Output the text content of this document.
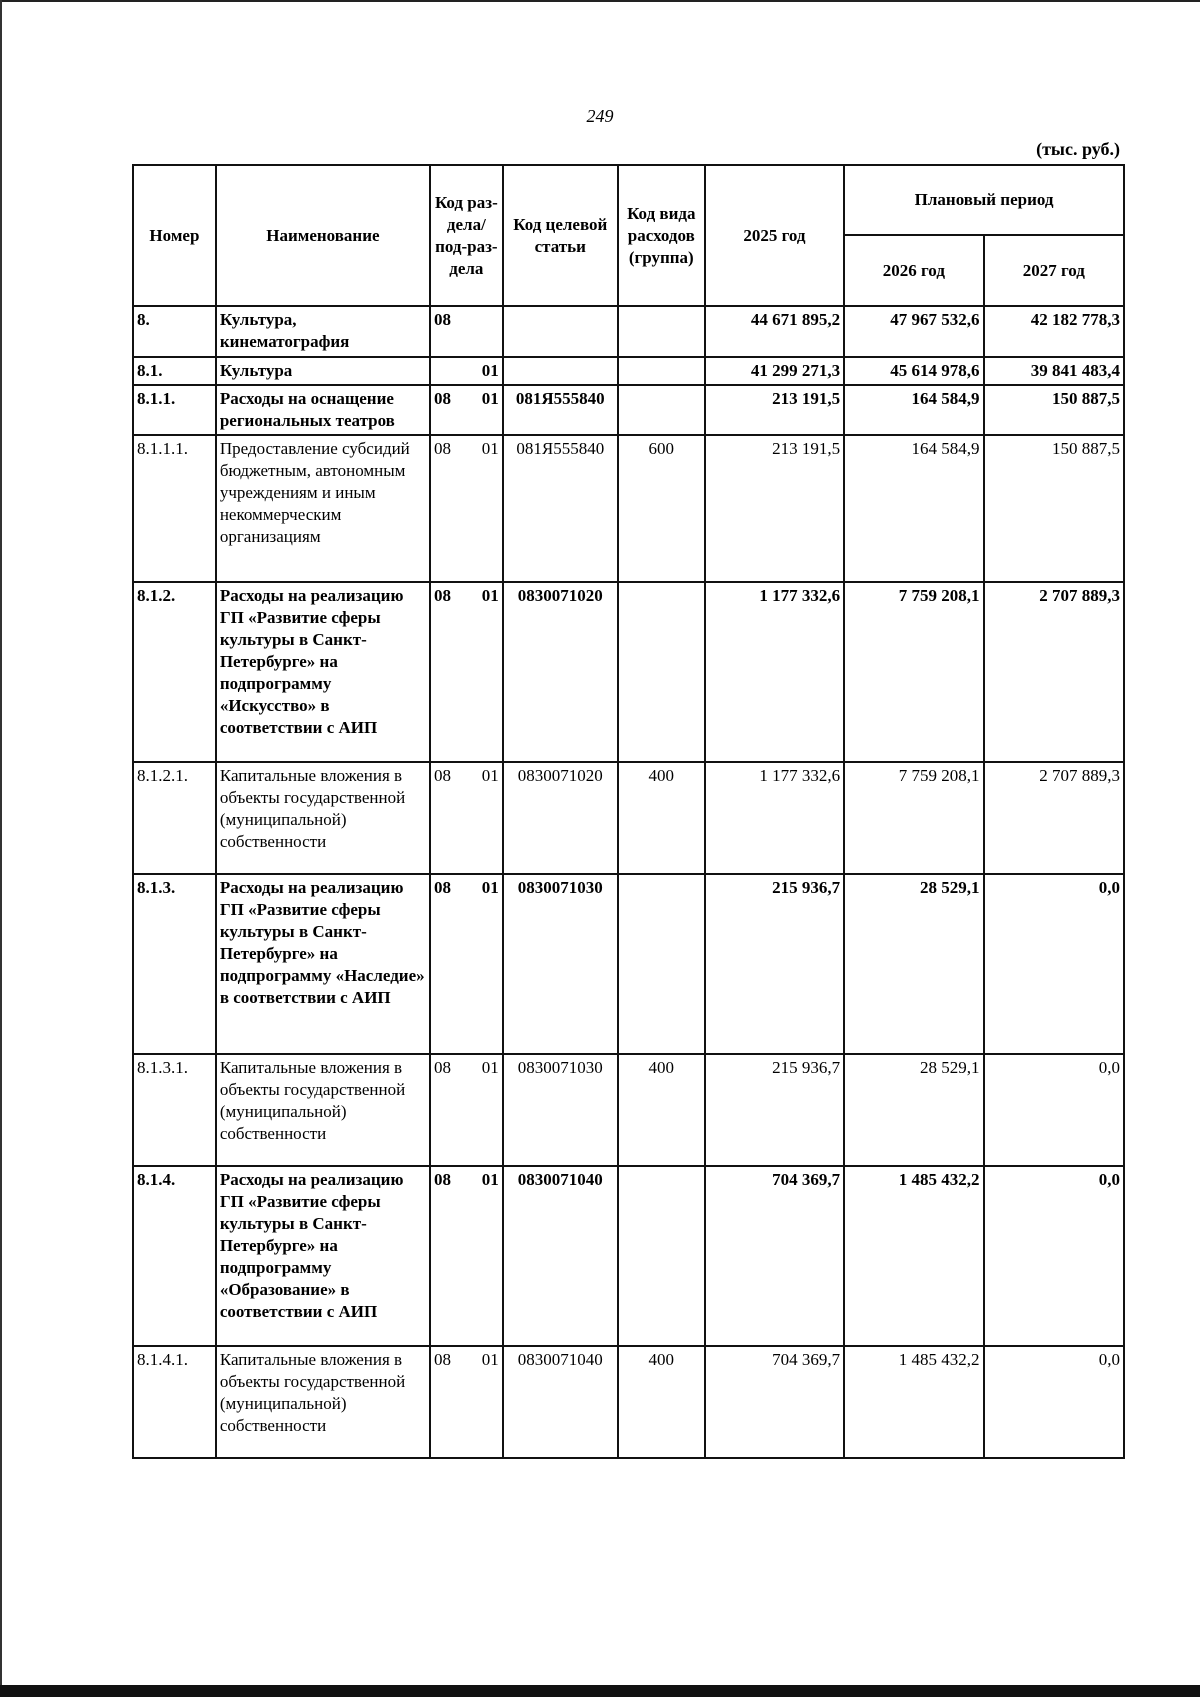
249
(тыс. руб.)
Номер	Наименование	Код раз-дела/ под-раз-дела	Код целевой статьи	Код вида расходов (группа)	2025 год	Плановый период	
						2026 год	2027 год
8.	Культура, кинематография	08			44 671 895,2	47 967 532,6	42 182 778,3
8.1.	Культура	01			41 299 271,3	45 614 978,6	39 841 483,4
8.1.1.	Расходы на оснащение региональных театров	08 01	081Я555840		213 191,5	164 584,9	150 887,5
8.1.1.1.	Предоставление субсидий бюджетным, автономным учреждениям и иным некоммерческим организациям	08 01	081Я555840	600	213 191,5	164 584,9	150 887,5
8.1.2.	Расходы на реализацию ГП «Развитие сферы культуры в Санкт-Петербурге» на подпрограмму «Искусство» в соответствии с АИП	08 01	0830071020		1 177 332,6	7 759 208,1	2 707 889,3
8.1.2.1.	Капитальные вложения в объекты государственной (муниципальной) собственности	08 01	0830071020	400	1 177 332,6	7 759 208,1	2 707 889,3
8.1.3.	Расходы на реализацию ГП «Развитие сферы культуры в Санкт-Петербурге» на подпрограмму «Наследие» в соответствии с АИП	08 01	0830071030		215 936,7	28 529,1	0,0
8.1.3.1.	Капитальные вложения в объекты государственной (муниципальной) собственности	08 01	0830071030	400	215 936,7	28 529,1	0,0
8.1.4.	Расходы на реализацию ГП «Развитие сферы культуры в Санкт-Петербурге» на подпрограмму «Образование» в соответствии с АИП	08 01	0830071040		704 369,7	1 485 432,2	0,0
8.1.4.1.	Капитальные вложения в объекты государственной (муниципальной) собственности	08 01	0830071040	400	704 369,7	1 485 432,2	0,0
